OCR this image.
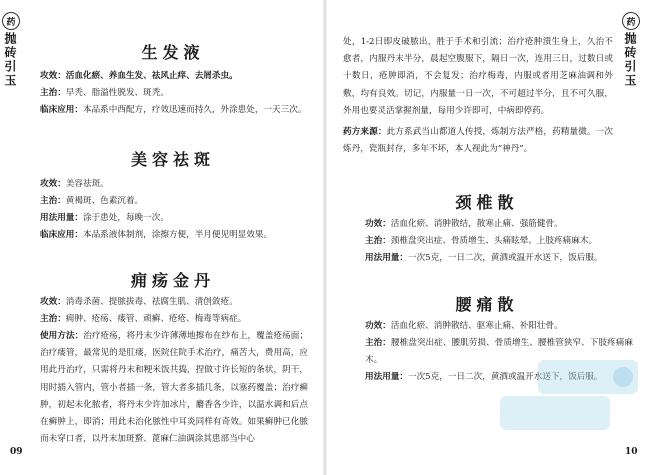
药
抛砖引玉	生发液

攻效：活血化瘀、养血生发、祛风止痒、去屑杀虫。

主治：早秃、脂溢性脱发、斑秃。

临床应用：本品系中西配方，疗效迅速而持久，外涂患处，一天三次。

美容祛斑

攻效：美容祛斑。

主治：黄褐斑、色素沉着。

用法用量：涂于患处，每晚一次。

临床应用：本品系液体制剂，涂擦方便，半月便见明显效果。

痈疡金丹

攻效：消毒杀菌、提脓拔毒、祛腐生肌、清创敛疮。

主治：痈肿、疮疡、瘘管、顽癣、疮疮、梅毒等病症。

使用方法：治疗疮疡，将丹末少许薄薄地擦布在纱布上，覆盖疮疡面；治疗瘘管，最常见的是肛瘘，医院住院手术治疗，痛苦大，费用高，应用此丹治疗，只需将丹末和粳米饭共捣，捏做寸许长短的条状，阴干，用时插入管内，管小者插一条，管大者多插几条，以塞药覆盖；治疗癣肿，初起未化脓者，将丹末少许加冰片，麝香各少许，以温水调和后点在癣肿上，即消；用此未治化脓性中耳炎同样有奇效。如果癣肿已化脓而未穿口者，以丹末加斑蝥、蓖麻仁油调涂其患部当中心

09

处，1-2日即皮破脓出，胜于手术和引流；治疗疮肿溃生身上，久治不愈者，内服丹末半分，晨起空腹服下，隔日一次，连用三日，过数日或十数日，疮肿即消，不会复发；治疗梅毒，内服或者用芝麻油调和外敷，均有良效。切记，内服量一日一次，不可超过半分，且不可久服，外用也要灵活掌握剂量，每用少许即可，中病即停药。

药方来源：此方系武当山都道人传授，炼制方法严格，药精量微。一次炼丹，瓷瓶封存，多年不坏，本人视此为“神丹”。

颈椎散

功效：活血化瘀、消肿散结，散寒止痛、强筋健骨。

主治：颈椎盘突出症、骨质增生、头痛眩晕、上肢疼痛麻木。

用法用量：一次5克，一日二次，黄酒或温开水送下，饭后服。

腰痛散

功效：活血化瘀、消肿散结、驱寒止痛、补阳壮骨。

主治：腰椎盘突出症、腰肌劳损、骨质增生、腰椎管狭窄、下肢疼痛麻木。

用法用量：一次5克，一日二次，黄酒或温开水送下，饭后服。

10
药
抛砖引玉
